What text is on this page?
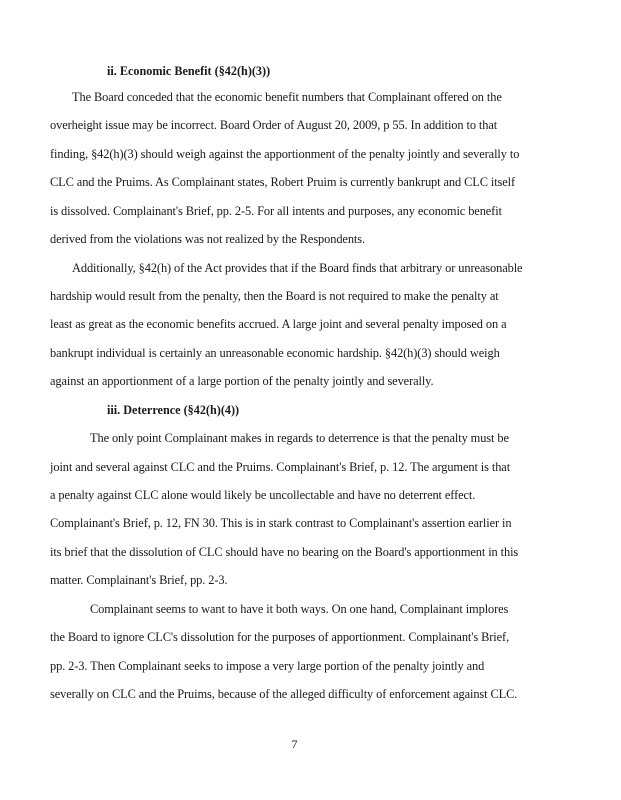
ii. Economic Benefit (§42(h)(3))
The Board conceded that the economic benefit numbers that Complainant offered on the
overheight issue may be incorrect. Board Order of August 20, 2009, p 55. In addition to that
finding, §42(h)(3) should weigh against the apportionment of the penalty jointly and severally to
CLC and the Pruims. As Complainant states, Robert Pruim is currently bankrupt and CLC itself
is dissolved. Complainant's Brief, pp. 2-5. For all intents and purposes, any economic benefit
derived from the violations was not realized by the Respondents.
Additionally, §42(h) of the Act provides that if the Board finds that arbitrary or unreasonable
hardship would result from the penalty, then the Board is not required to make the penalty at
least as great as the economic benefits accrued. A large joint and several penalty imposed on a
bankrupt individual is certainly an unreasonable economic hardship. §42(h)(3) should weigh
against an apportionment of a large portion of the penalty jointly and severally.
iii. Deterrence (§42(h)(4))
The only point Complainant makes in regards to deterrence is that the penalty must be
joint and several against CLC and the Pruims. Complainant's Brief, p. 12. The argument is that
a penalty against CLC alone would likely be uncollectable and have no deterrent effect.
Complainant's Brief, p. 12, FN 30. This is in stark contrast to Complainant's assertion earlier in
its brief that the dissolution of CLC should have no bearing on the Board's apportionment in this
matter. Complainant's Brief, pp. 2-3.
Complainant seems to want to have it both ways. On one hand, Complainant implores
the Board to ignore CLC's dissolution for the purposes of apportionment. Complainant's Brief,
pp. 2-3. Then Complainant seeks to impose a very large portion of the penalty jointly and
severally on CLC and the Pruims, because of the alleged difficulty of enforcement against CLC.
7
